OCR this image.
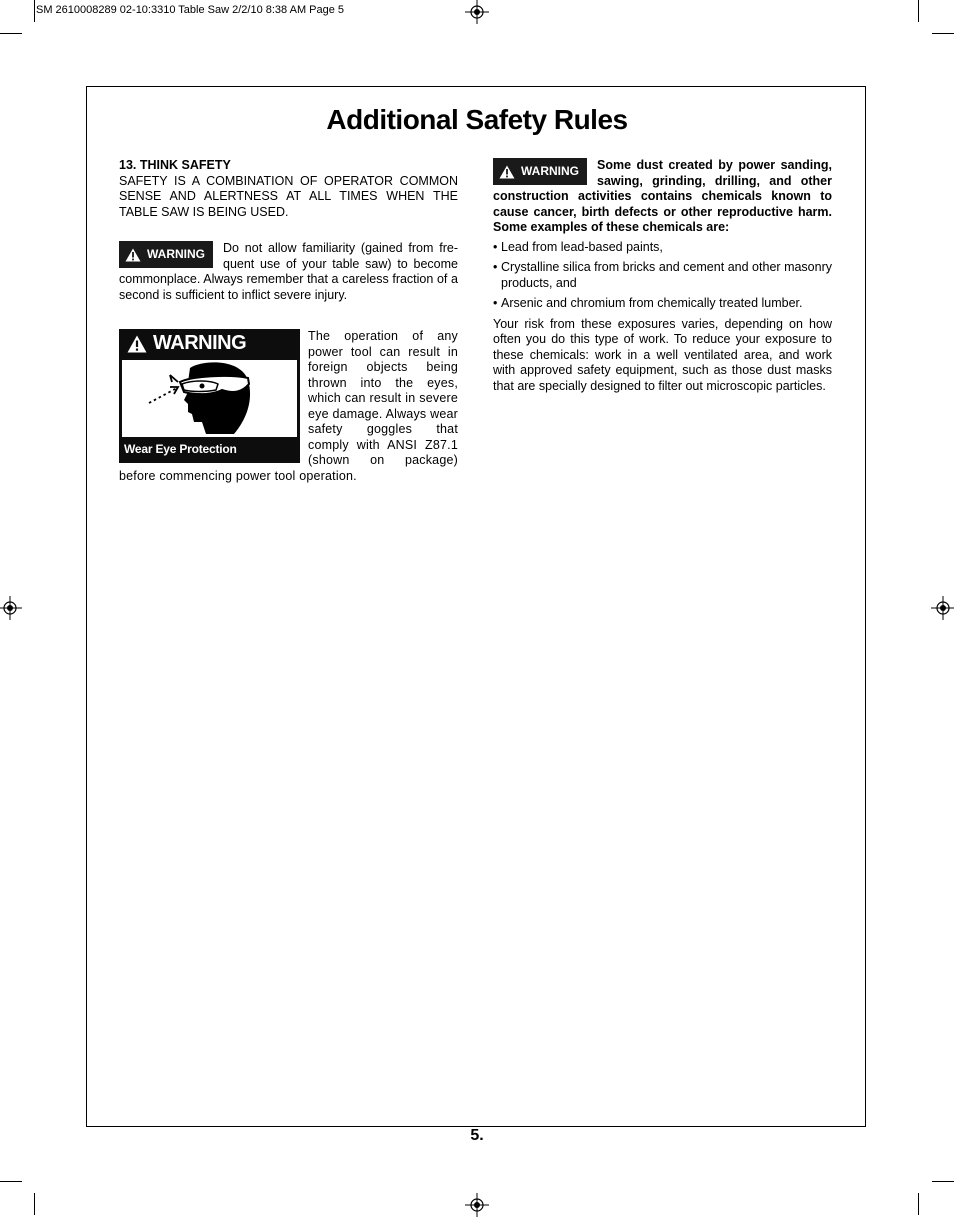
SM 2610008289 02-10:3310 Table Saw 2/2/10 8:38 AM Page 5
Additional Safety Rules
13. THINK SAFETY

SAFETY IS A COMBINATION OF OPERATOR COMMON SENSE AND ALERTNESS AT ALL TIMES WHEN THE TABLE SAW IS BEING USED.

WARNING	Do not allow familiarity (gained from fre-quent use of your table saw) to become commonplace. Always remember that a careless fraction of a second is sufficient to inflict severe injury.

WARNING
Wear Eye Protection

The operation of any power tool can result in foreign objects being thrown into the eyes, which can result in severe eye damage. Always wear safety goggles that comply with ANSI Z87.1 (shown on package) before commencing power tool operation.

WARNING	Some dust created by power sanding, sawing, grinding, drilling, and other construction activities contains chemicals known to cause cancer, birth defects or other reproductive harm. Some examples of these chemicals are:

• Lead from lead-based paints,
• Crystalline silica from bricks and cement and other masonry products, and
• Arsenic and chromium from chemically treated lumber.

Your risk from these exposures varies, depending on how often you do this type of work. To reduce your exposure to these chemicals: work in a well ventilated area, and work with approved safety equipment, such as those dust masks that are specially designed to filter out microscopic particles.

5.
